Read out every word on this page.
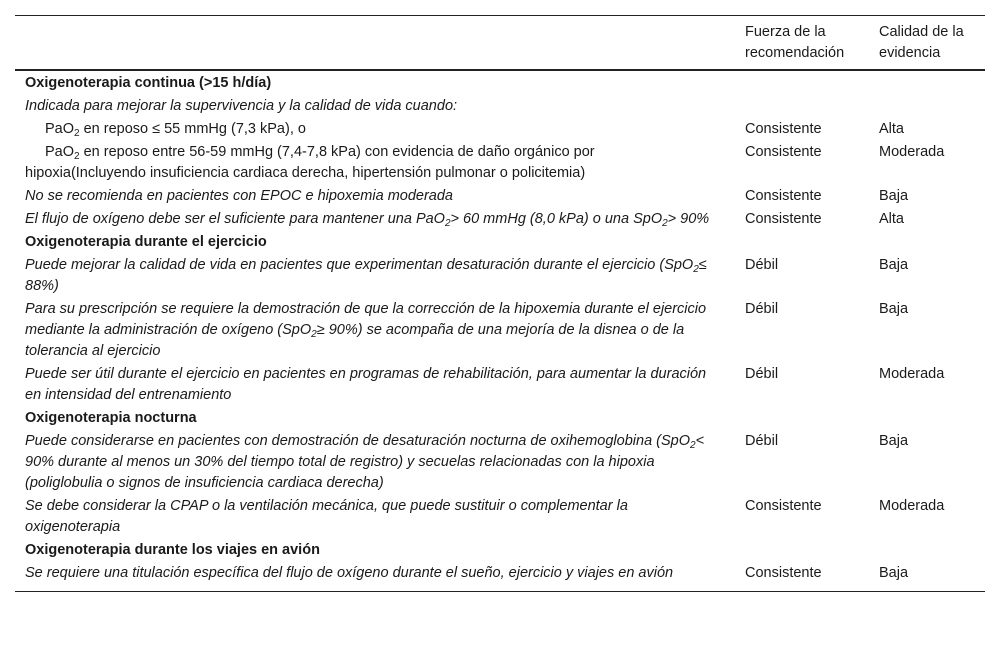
	Fuerza de la recomendación	Calidad de la evidencia
Oxigenoterapia continua (>15 h/día)		
Indicada para mejorar la supervivencia y la calidad de vida cuando:		
PaO$_2$ en reposo ≤ 55 mmHg (7,3 kPa), o	Consistente	Alta
PaO$_2$ en reposo entre 56-59 mmHg (7,4-7,8 kPa) con evidencia de daño orgánico por hipoxia(Incluyendo insuficiencia cardiaca derecha, hipertensión pulmonar o policitemia)	Consistente	Moderada
No se recomienda en pacientes con EPOC e hipoxemia moderada	Consistente	Baja
El flujo de oxígeno debe ser el suficiente para mantener una PaO$_2$> 60 mmHg (8,0 kPa) o una SpO$_2$> 90%	Consistente	Alta
Oxigenoterapia durante el ejercicio		
Puede mejorar la calidad de vida en pacientes que experimentan desaturación durante el ejercicio (SpO$_2$≤ 88%)	Débil	Baja
Para su prescripción se requiere la demostración de que la corrección de la hipoxemia durante el ejercicio mediante la administración de oxígeno (SpO$_2$≥ 90%) se acompaña de una mejoría de la disnea o de la tolerancia al ejercicio	Débil	Baja
Puede ser útil durante el ejercicio en pacientes en programas de rehabilitación, para aumentar la duración en intensidad del entrenamiento	Débil	Moderada
Oxigenoterapia nocturna		
Puede considerarse en pacientes con demostración de desaturación nocturna de oxihemoglobina (SpO$_2$< 90% durante al menos un 30% del tiempo total de registro) y secuelas relacionadas con la hipoxia (poliglobulia o signos de insuficiencia cardiaca derecha)	Débil	Baja
Se debe considerar la CPAP o la ventilación mecánica, que puede sustituir o complementar la oxigenoterapia	Consistente	Moderada
Oxigenoterapia durante los viajes en avión		
Se requiere una titulación específica del flujo de oxígeno durante el sueño, ejercicio y viajes en avión	Consistente	Baja
